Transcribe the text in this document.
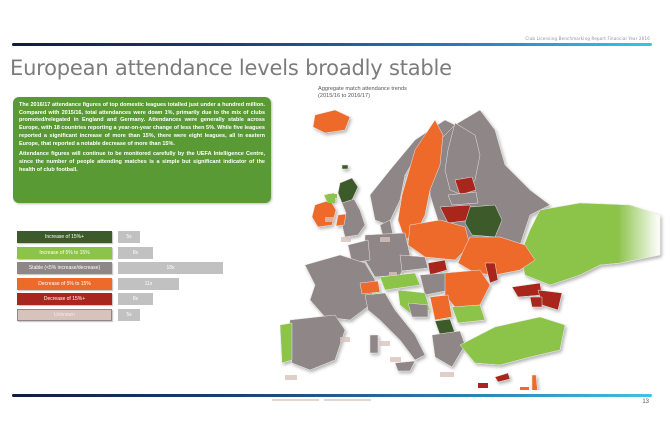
Club Licensing Benchmarking Report Financial Year 2016
European attendance levels broadly stable

The 2016/17 attendance figures of top domestic leagues totalled just under a hundred million. Compared with 2015/16, total attendances were down 1%, primarily due to the mix of clubs promoted/relegated in England and Germany. Attendances were generally stable across Europe, with 18 countries reporting a year-on-year change of less then 5%. While five leagues reported a significant increase of more than 15%, there were eight leagues, all in eastern Europe, that reported a notable decrease of more than 15%.

Attendance figures will continue to be monitored carefully by the UEFA Intelligence Centre, since the number of people attending matches is a simple but significant indicator of the health of club football.

Increase of 15%+	5x
Increase of 5% to 15%	8x
Stable (<5% increase/decrease)	18x
Decrease of 5% to 15%	11x
Decrease of 15%+	8x
Unknown	5x
Aggregate match attendance trends
(2015/16 to 2016/17)
13
